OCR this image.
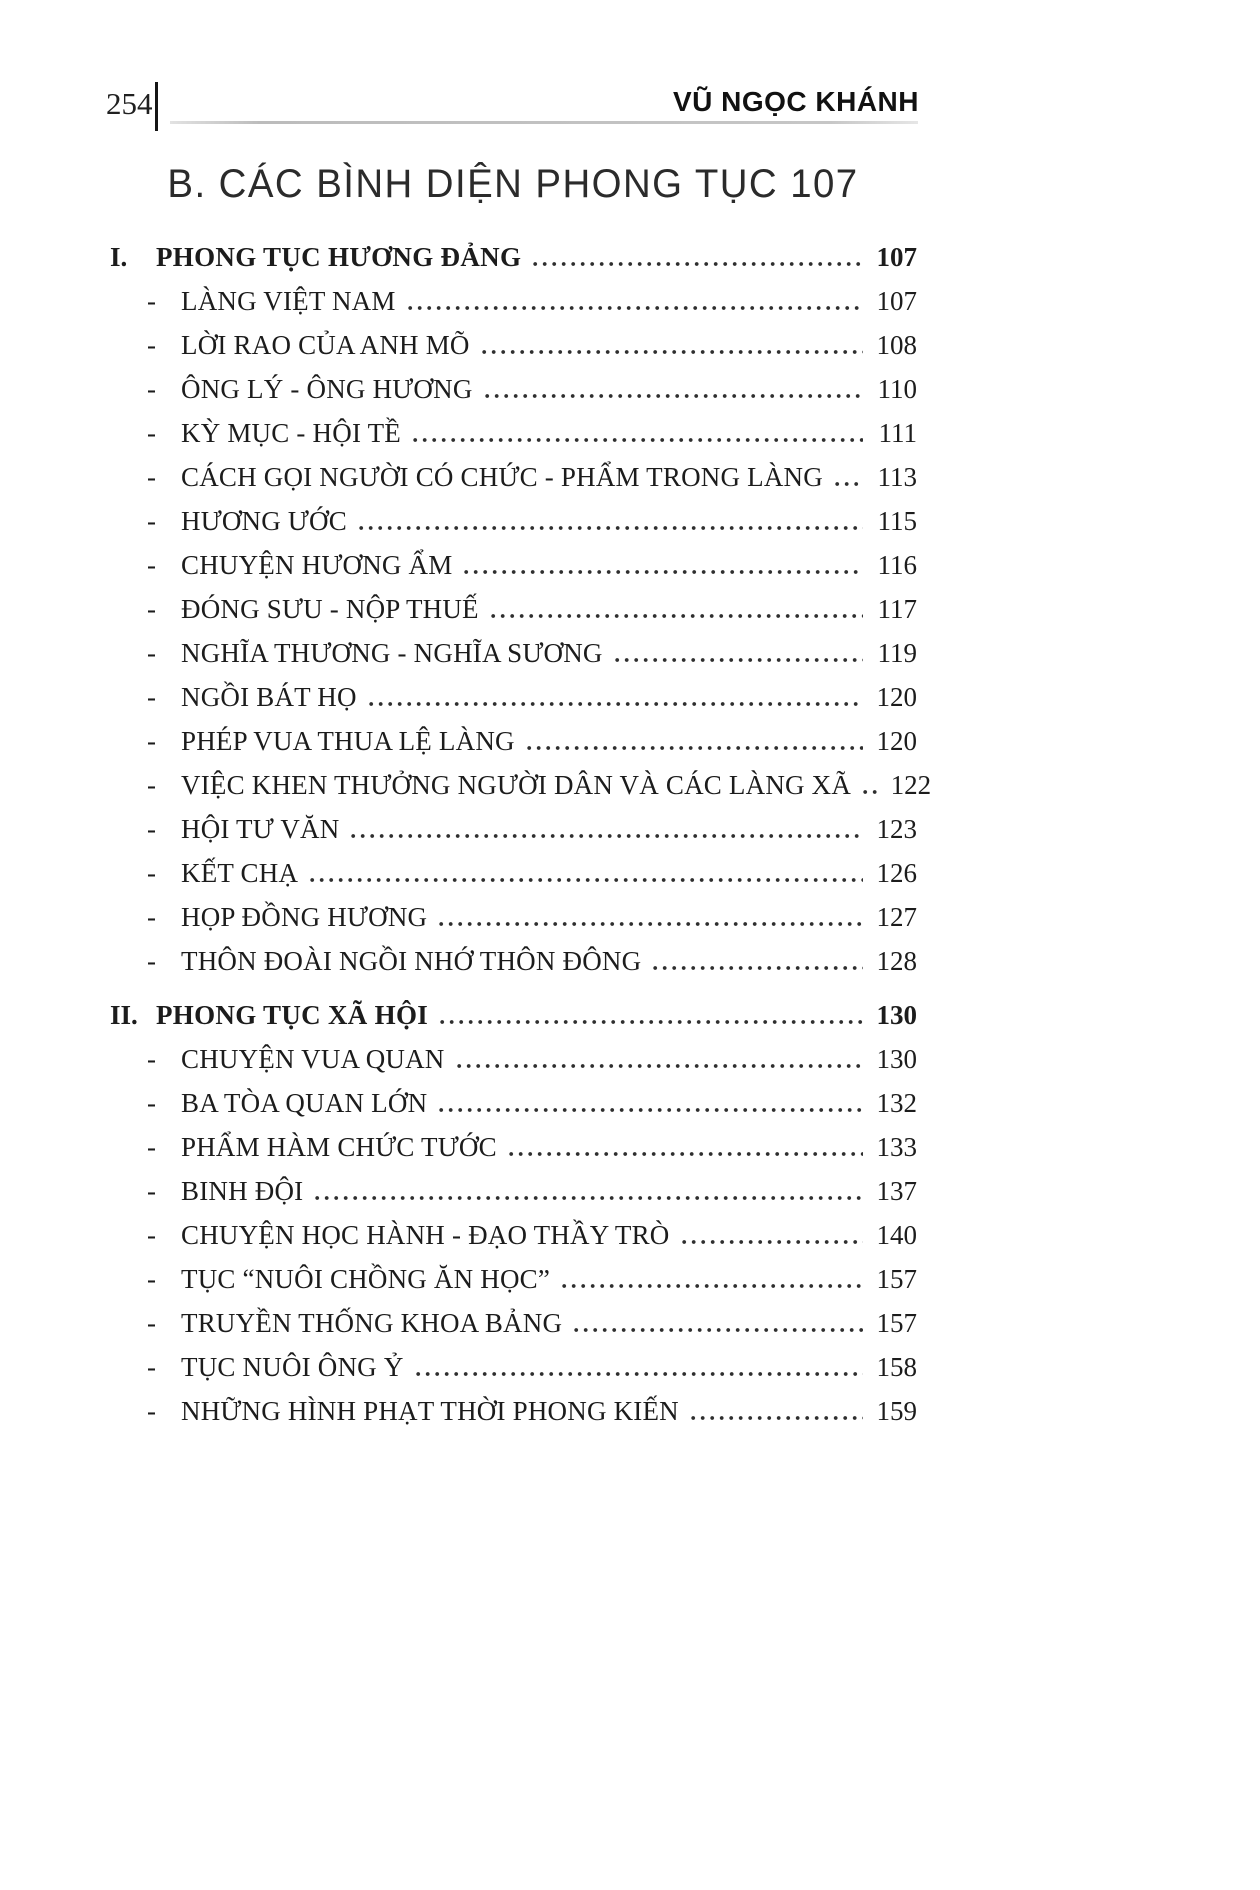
254	VŨ NGỌC KHÁNH
B. CÁC BÌNH DIỆN PHONG TỤC 107
I.	PHONG TỤC HƯƠNG ĐẢNG	107
- LÀNG VIỆT NAM	107
- LỜI RAO CỦA ANH MÕ	108
- ÔNG LÝ - ÔNG HƯƠNG	110
- KỲ MỤC - HỘI TỀ	111
- CÁCH GỌI NGƯỜI CÓ CHỨC - PHẨM TRONG LÀNG 113
- HƯƠNG ƯỚC	115
- CHUYỆN HƯƠNG ẨM	116
- ĐÓNG SƯU - NỘP THUẾ	117
- NGHĨA THƯƠNG - NGHĨA SƯƠNG	119
- NGỒI BÁT HỌ	120
- PHÉP VUA THUA LỆ LÀNG	120
- VIỆC KHEN THƯỞNG NGƯỜI DÂN VÀ CÁC LÀNG XÃ 122
- HỘI TƯ VĂN	123
- KẾT CHẠ	126
- HỌP ĐỒNG HƯƠNG	127
- THÔN ĐOÀI NGỒI NHỚ THÔN ĐÔNG	128
II. PHONG TỤC XÃ HỘI	130
- CHUYỆN VUA QUAN	130
- BA TÒA QUAN LỚN	132
- PHẨM HÀM CHỨC TƯỚC	133
- BINH ĐỘI	137
- CHUYỆN HỌC HÀNH - ĐẠO THẦY TRÒ	140
- TỤC “NUÔI CHỒNG ĂN HỌC”	157
- TRUYỀN THỐNG KHOA BẢNG	157
- TỤC NUÔI ÔNG Ỷ	158
- NHỮNG HÌNH PHẠT THỜI PHONG KIẾN	159
